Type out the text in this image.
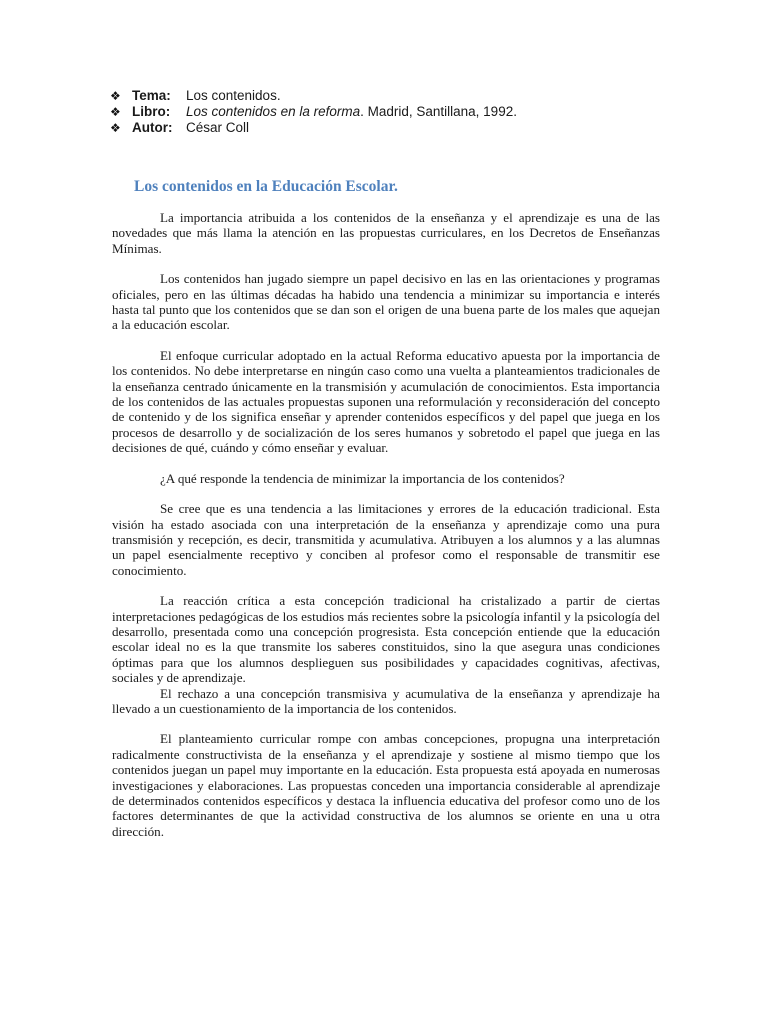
❖ Tema:	Los contenidos.
❖ Libro:	Los contenidos en la reforma. Madrid, Santillana, 1992.
❖ Autor:	César Coll
Los contenidos en la Educación Escolar.

La importancia atribuida a los contenidos de la enseñanza y el aprendizaje es una de las novedades que más llama la atención en las propuestas curriculares, en los Decretos de Enseñanzas Mínimas.

Los contenidos han jugado siempre un papel decisivo en las en las orientaciones y programas oficiales, pero en las últimas décadas ha habido una tendencia a minimizar su importancia e interés hasta tal punto que los contenidos que se dan son el origen de una buena parte de los males que aquejan a la educación escolar.

El enfoque curricular adoptado en la actual Reforma educativo apuesta por la importancia de los contenidos. No debe interpretarse en ningún caso como una vuelta a planteamientos tradicionales de la enseñanza centrado únicamente en la transmisión y acumulación de conocimientos. Esta importancia de los contenidos de las actuales propuestas suponen una reformulación y reconsideración del concepto de contenido y de los significa enseñar y aprender contenidos específicos y del papel que juega en los procesos de desarrollo y de socialización de los seres humanos y sobretodo el papel que juega en las decisiones de qué, cuándo y cómo enseñar y evaluar.

¿A qué responde la tendencia de minimizar la importancia de los contenidos?

Se cree que es una tendencia a las limitaciones y errores de la educación tradicional. Esta visión ha estado asociada con una interpretación de la enseñanza y aprendizaje como una pura transmisión y recepción, es decir, transmitida y acumulativa. Atribuyen a los alumnos y a las alumnas un papel esencialmente receptivo y conciben al profesor como el responsable de transmitir ese conocimiento.

La reacción crítica a esta concepción tradicional ha cristalizado a partir de ciertas interpretaciones pedagógicas de los estudios más recientes sobre la psicología infantil y la psicología del desarrollo, presentada como una concepción progresista. Esta concepción entiende que la educación escolar ideal no es la que transmite los saberes constituidos, sino la que asegura unas condiciones óptimas para que los alumnos desplieguen sus posibilidades y capacidades cognitivas, afectivas, sociales y de aprendizaje.

El rechazo a una concepción transmisiva y acumulativa de la enseñanza y aprendizaje ha llevado a un cuestionamiento de la importancia de los contenidos.

El planteamiento curricular rompe con ambas concepciones, propugna una interpretación radicalmente constructivista de la enseñanza y el aprendizaje y sostiene al mismo tiempo que los contenidos juegan un papel muy importante en la educación. Esta propuesta está apoyada en numerosas investigaciones y elaboraciones. Las propuestas conceden una importancia considerable al aprendizaje de determinados contenidos específicos y destaca la influencia educativa del profesor como uno de los factores determinantes de que la actividad constructiva de los alumnos se oriente en una u otra dirección.
